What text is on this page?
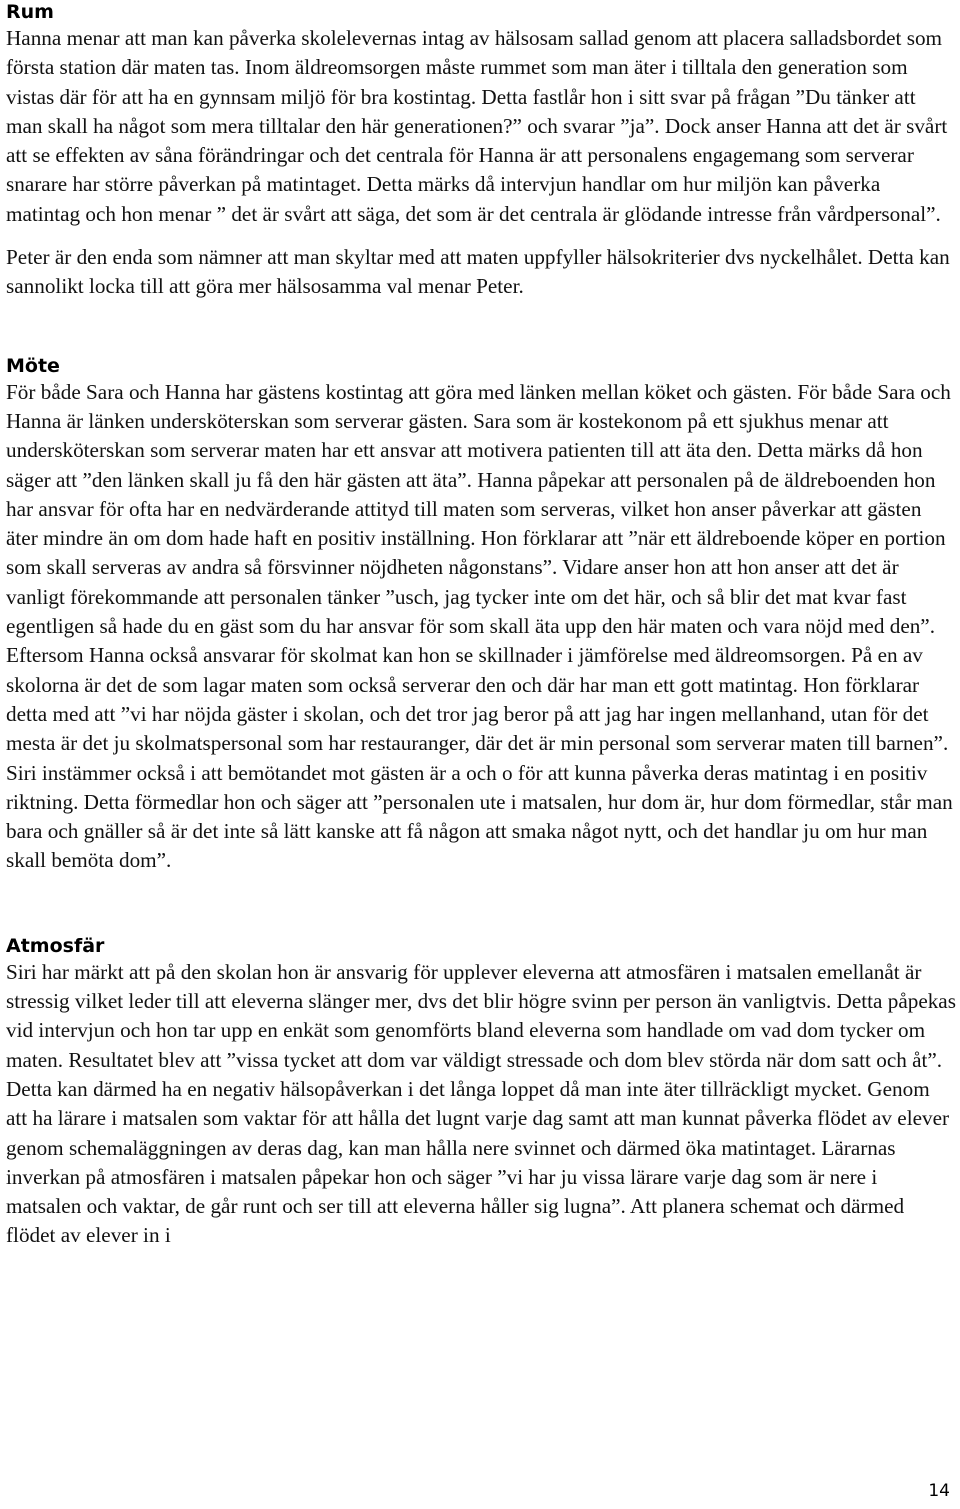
Rum

Hanna menar att man kan påverka skolelevernas intag av hälsosam sallad genom att placera salladsbordet som första station där maten tas. Inom äldreomsorgen måste rummet som man äter i tilltala den generation som vistas där för att ha en gynnsam miljö för bra kostintag. Detta fastlår hon i sitt svar på frågan ”Du tänker att man skall ha något som mera tilltalar den här generationen?” och svarar ”ja”. Dock anser Hanna att det är svårt att se effekten av såna förändringar och det centrala för Hanna är att personalens engagemang som serverar snarare har större påverkan på matintaget. Detta märks då intervjun handlar om hur miljön kan påverka matintag och hon menar ” det är svårt att säga, det som är det centrala är glödande intresse från vårdpersonal”.

Peter är den enda som nämner att man skyltar med att maten uppfyller hälsokriterier dvs nyckelhålet. Detta kan sannolikt locka till att göra mer hälsosamma val menar Peter.

Möte

För både Sara och Hanna har gästens kostintag att göra med länken mellan köket och gästen. För både Sara och Hanna är länken undersköterskan som serverar gästen. Sara som är kostekonom på ett sjukhus menar att undersköterskan som serverar maten har ett ansvar att motivera patienten till att äta den. Detta märks då hon säger att ”den länken skall ju få den här gästen att äta”. Hanna påpekar att personalen på de äldreboenden hon har ansvar för ofta har en nedvärderande attityd till maten som serveras, vilket hon anser påverkar att gästen äter mindre än om dom hade haft en positiv inställning. Hon förklarar att ”när ett äldreboende köper en portion som skall serveras av andra så försvinner nöjdheten någonstans”. Vidare anser hon att hon anser att det är vanligt förekommande att personalen tänker ”usch, jag tycker inte om det här, och så blir det mat kvar fast egentligen så hade du en gäst som du har ansvar för som skall äta upp den här maten och vara nöjd med den”. Eftersom Hanna också ansvarar för skolmat kan hon se skillnader i jämförelse med äldreomsorgen. På en av skolorna är det de som lagar maten som också serverar den och där har man ett gott matintag. Hon förklarar detta med att ”vi har nöjda gäster i skolan, och det tror jag beror på att jag har ingen mellanhand, utan för det mesta är det ju skolmatspersonal som har restauranger, där det är min personal som serverar maten till barnen”. Siri instämmer också i att bemötandet mot gästen är a och o för att kunna påverka deras matintag i en positiv riktning. Detta förmedlar hon och säger att ”personalen ute i matsalen, hur dom är, hur dom förmedlar, står man bara och gnäller så är det inte så lätt kanske att få någon att smaka något nytt, och det handlar ju om hur man skall bemöta dom”.

Atmosfär

Siri har märkt att på den skolan hon är ansvarig för upplever eleverna att atmosfären i matsalen emellanåt är stressig vilket leder till att eleverna slänger mer, dvs det blir högre svinn per person än vanligtvis. Detta påpekas vid intervjun och hon tar upp en enkät som genomförts bland eleverna som handlade om vad dom tycker om maten. Resultatet blev att ”vissa tycket att dom var väldigt stressade och dom blev störda när dom satt och åt”. Detta kan därmed ha en negativ hälsopåverkan i det långa loppet då man inte äter tillräckligt mycket. Genom att ha lärare i matsalen som vaktar för att hålla det lugnt varje dag samt att man kunnat påverka flödet av elever genom schemaläggningen av deras dag, kan man hålla nere svinnet och därmed öka matintaget. Lärarnas inverkan på atmosfären i matsalen påpekar hon och säger ”vi har ju vissa lärare varje dag som är nere i matsalen och vaktar, de går runt och ser till att eleverna håller sig lugna”. Att planera schemat och därmed flödet av elever in i

14
